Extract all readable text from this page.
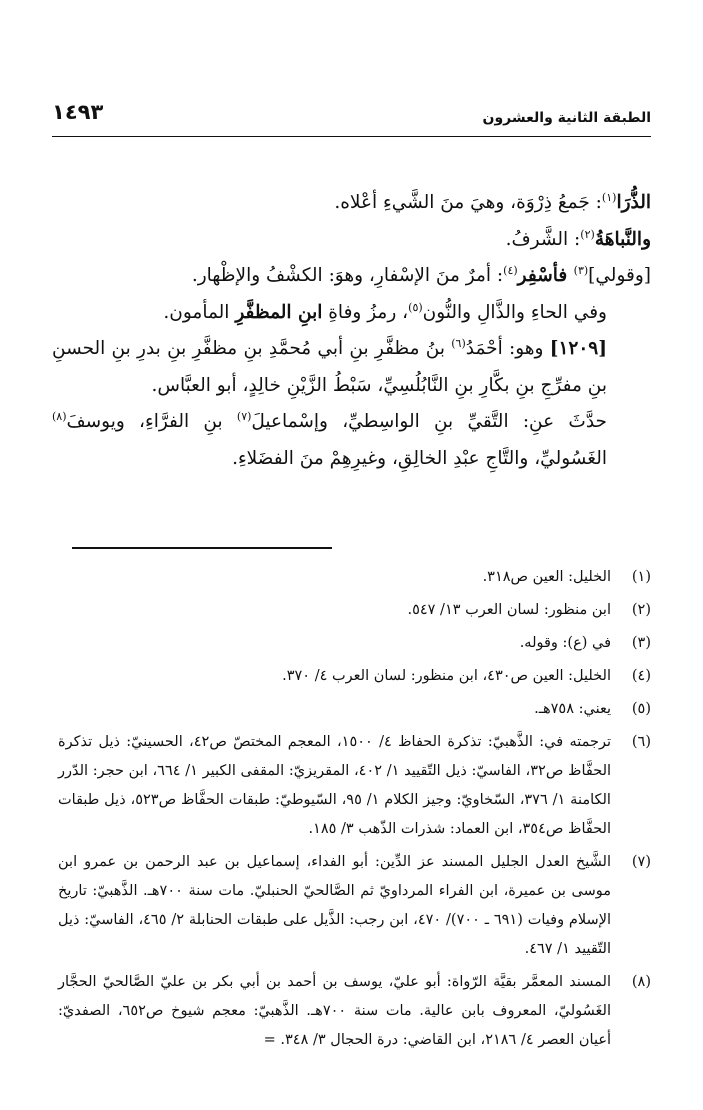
الطبقة الثانية والعشرون
١٤٩٣

الذُّرَا$^{(١)}$: جَمعُ ذِرْوَة، وهيَ منَ الشَّيءِ أعْلاه.

والنَّباهَةُ$^{(٢)}$: الشَّرفُ.

[وقولي]$^{(٣)}$ فأسْفِر$^{(٤)}$: أمرٌ منَ الإسْفارِ، وهوَ: الكشْفُ والإظْهار.

وفي الحاءِ والذَّالِ والنُّون$^{(٥)}$، رمزُ وفاةِ ابنِ المظفَّرِ المأمون.

[١٢٠٩] وهو: أحْمَدُ$^{(٦)}$ بنُ مظفَّرِ بنِ أبي مُحمَّدِ بنِ مظفَّرِ بنِ بدرِ بنِ الحسنِ بنِ مفرِّجِ بنِ بكَّارِ بنِ النَّابُلُسِيِّ، سَبْطُ الزَّيْنِ خالِدٍ، أبو العبَّاس.

حدَّثَ عنِ: التَّقيِّ بنِ الواسِطيِّ، وإسْماعيلَ$^{(٧)}$ بنِ الفرَّاءِ، ويوسفَ$^{(٨)}$ الغَسُوليِّ، والتَّاجِ عبْدِ الخالِقِ، وغيرِهِمْ منَ الفضَلاءِ.

(١)

الخليل: العين ص٣١٨.

(٢)

ابن منظور: لسان العرب ١٣/ ٥٤٧.

(٣)

في (ع): وقوله.

(٤)

الخليل: العين ص٤٣٠، ابن منظور: لسان العرب ٤/ ٣٧٠.

(٥)

يعني: ٧٥٨هـ.

(٦)

ترجمته في: الذَّهبيّ: تذكرة الحفاظ ٤/ ١٥٠٠، المعجم المختصّ ص٤٢، الحسينيّ: ذيل تذكرة الحفَّاظ ص٣٢، الفاسيّ: ذيل التّقييد ١/ ٤٠٢، المقريزيّ: المقفى الكبير ١/ ٦٦٤، ابن حجر: الدّرر الكامنة ١/ ٣٧٦، السّخاويّ: وجيز الكلام ١/ ٩٥، السّيوطيّ: طبقات الحفَّاظ ص٥٢٣، ذيل طبقات الحفَّاظ ص٣٥٤، ابن العماد: شذرات الذّهب ٣/ ١٨٥.

(٧)

الشَّيخ العدل الجليل المسند عز الدِّين: أبو الفداء، إسماعيل بن عبد الرحمن بن عمرو ابن موسى بن عميرة، ابن الفراء المرداويّ ثم الصَّالحيّ الحنبليّ. مات سنة ٧٠٠هـ. الذَّهبيّ: تاريخ الإسلام وفيات (٦٩١ ـ ٧٠٠)/ ٤٧٠، ابن رجب: الذَّيل على طبقات الحنابلة ٢/ ٤٦٥، الفاسيّ: ذيل التّقييد ١/ ٤٦٧.

(٨)

المسند المعمَّر بقيَّة الرّواة: أبو عليّ، يوسف بن أحمد بن أبي بكر بن عليّ الصَّالحيّ الحجَّار الغَسُوليّ، المعروف بابن عالية. مات سنة ٧٠٠هـ. الذَّهبيّ: معجم شيوخ ص٦٥٢، الصفديّ: أعيان العصر ٤/ ٢١٨٦، ابن القاضي: درة الحجال ٣/ ٣٤٨. =
